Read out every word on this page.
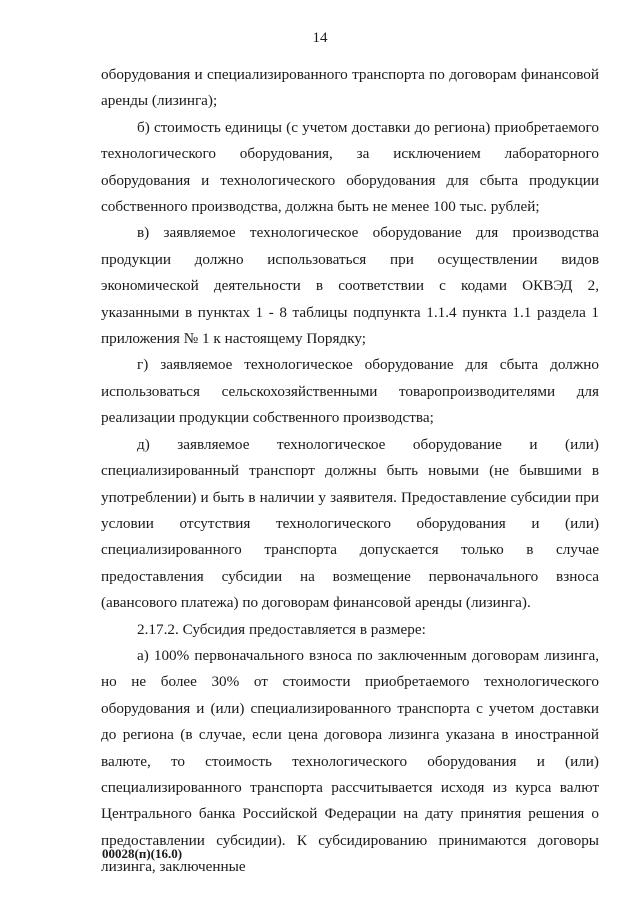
14

оборудования и специализированного транспорта по договорам финансовой аренды (лизинга);

б) стоимость единицы (с учетом доставки до региона) приобретаемого технологического оборудования, за исключением лабораторного оборудования и технологического оборудования для сбыта продукции собственного производства, должна быть не менее 100 тыс. рублей;

в) заявляемое технологическое оборудование для производства продукции должно использоваться при осуществлении видов экономической деятельности в соответствии с кодами ОКВЭД 2, указанными в пунктах 1 - 8 таблицы подпункта 1.1.4 пункта 1.1 раздела 1 приложения № 1 к настоящему Порядку;

г) заявляемое технологическое оборудование для сбыта должно использоваться сельскохозяйственными товаропроизводителями для реализации продукции собственного производства;

д) заявляемое технологическое оборудование и (или) специализированный транспорт должны быть новыми (не бывшими в употреблении) и быть в наличии у заявителя. Предоставление субсидии при условии отсутствия технологического оборудования и (или) специализированного транспорта допускается только в случае предоставления субсидии на возмещение первоначального взноса (авансового платежа) по договорам финансовой аренды (лизинга).

2.17.2. Субсидия предоставляется в размере:

а) 100% первоначального взноса по заключенным договорам лизинга, но не более 30% от стоимости приобретаемого технологического оборудования и (или) специализированного транспорта с учетом доставки до региона (в случае, если цена договора лизинга указана в иностранной валюте, то стоимость технологического оборудования и (или) специализированного транспорта рассчитывается исходя из курса валют Центрального банка Российской Федерации на дату принятия решения о предоставлении субсидии). К субсидированию принимаются договоры лизинга, заключенные

00028(п)(16.0)
